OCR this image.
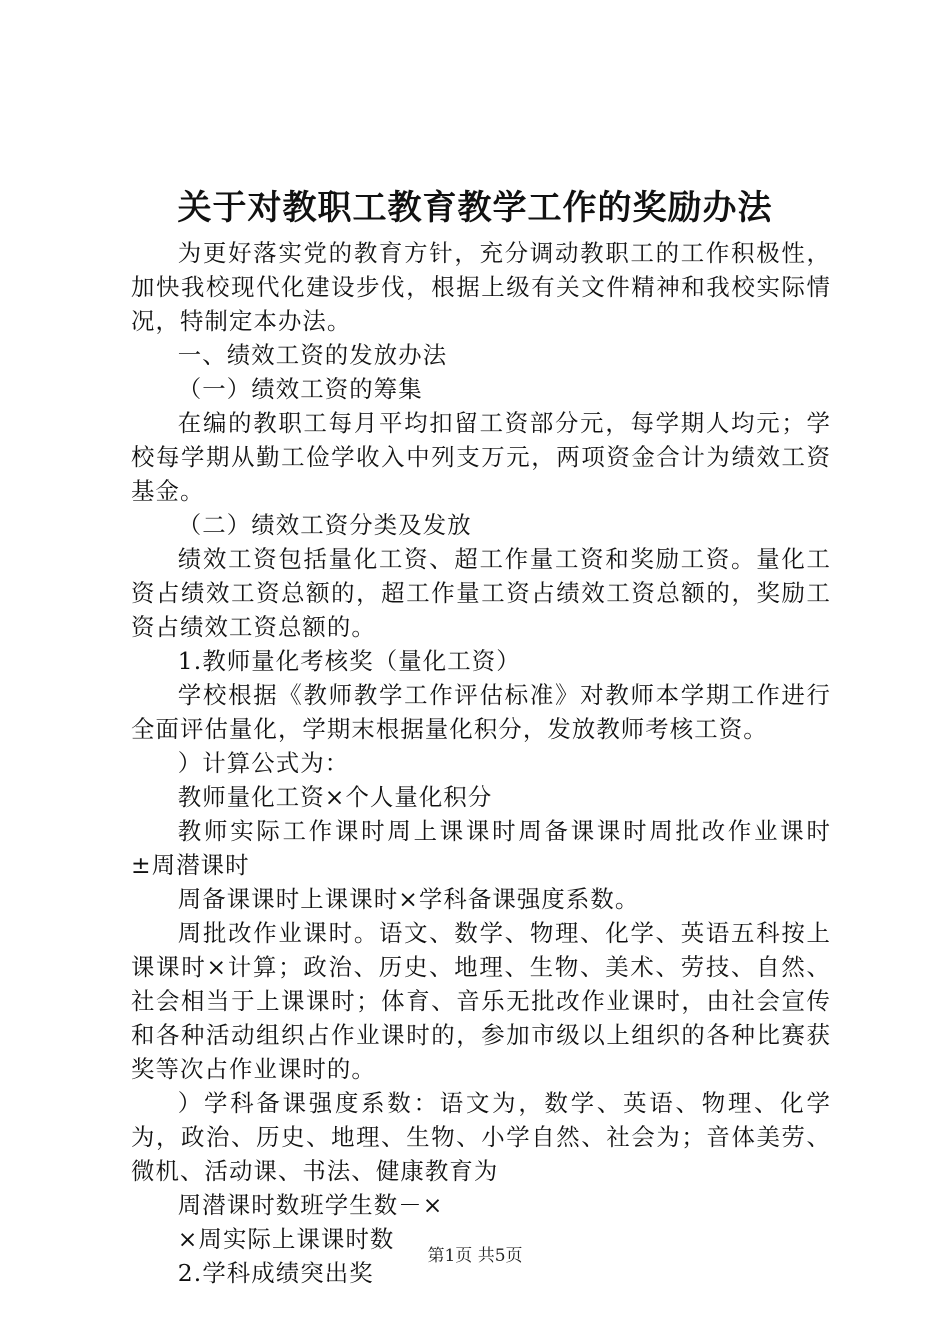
关于对教职工教育教学工作的奖励办法

为更好落实党的教育方针，充分调动教职工的工作积极性，加快我校现代化建设步伐，根据上级有关文件精神和我校实际情况，特制定本办法。

一、绩效工资的发放办法

（一）绩效工资的筹集

在编的教职工每月平均扣留工资部分元，每学期人均元；学校每学期从勤工俭学收入中列支万元，两项资金合计为绩效工资基金。

（二）绩效工资分类及发放

绩效工资包括量化工资、超工作量工资和奖励工资。量化工资占绩效工资总额的，超工作量工资占绩效工资总额的，奖励工资占绩效工资总额的。

1.教师量化考核奖（量化工资）

学校根据《教师教学工作评估标准》对教师本学期工作进行全面评估量化，学期末根据量化积分，发放教师考核工资。

）计算公式为：

教师量化工资×个人量化积分

教师实际工作课时周上课课时周备课课时周批改作业课时±周潜课时

周备课课时上课课时×学科备课强度系数。

周批改作业课时。语文、数学、物理、化学、英语五科按上课课时×计算；政治、历史、地理、生物、美术、劳技、自然、社会相当于上课课时；体育、音乐无批改作业课时，由社会宣传和各种活动组织占作业课时的，参加市级以上组织的各种比赛获奖等次占作业课时的。

）学科备课强度系数：语文为，数学、英语、物理、化学为，政治、历史、地理、生物、小学自然、社会为；音体美劳、微机、活动课、书法、健康教育为

周潜课时数班学生数－×

×周实际上课课时数

2.学科成绩突出奖

第1页 共5页
